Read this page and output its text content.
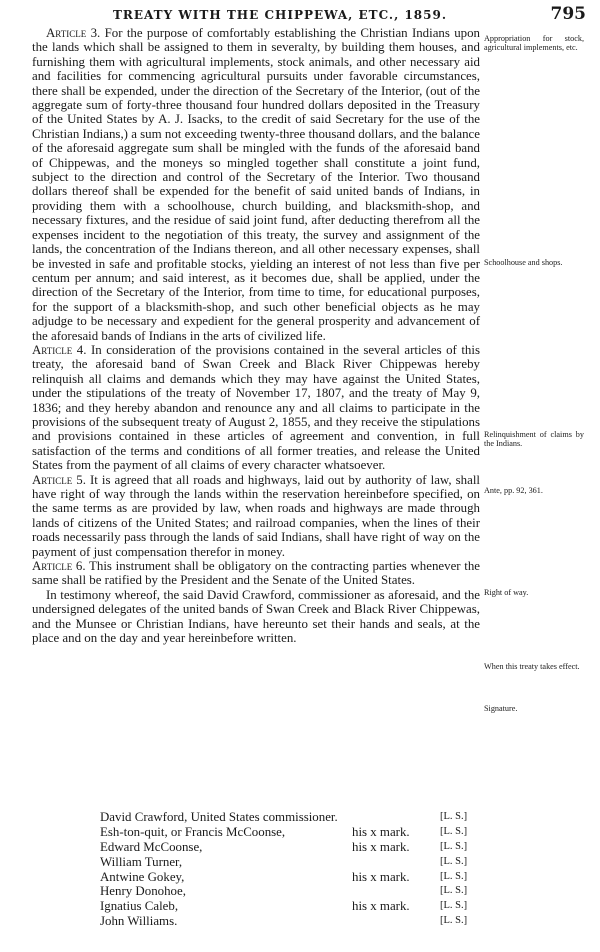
TREATY WITH THE CHIPPEWA, ETC., 1859.	795

Article 3. For the purpose of comfortably establishing the Christian Indians upon the lands which shall be assigned to them in severalty, by building them houses, and furnishing them with agricultural implements, stock animals, and other necessary aid and facilities for commencing agricultural pursuits under favorable circumstances, there shall be expended, under the direction of the Secretary of the Interior, (out of the aggregate sum of forty-three thousand four hundred dollars deposited in the Treasury of the United States by A. J. Isacks, to the credit of said Secretary for the use of the Christian Indians,) a sum not exceeding twenty-three thousand dollars, and the balance of the aforesaid aggregate sum shall be mingled with the funds of the aforesaid band of Chippewas, and the moneys so mingled together shall constitute a joint fund, subject to the direction and control of the Secretary of the Interior. Two thousand dollars thereof shall be expended for the benefit of said united bands of Indians, in providing them with a schoolhouse, church building, and blacksmith-shop, and necessary fixtures, and the residue of said joint fund, after deducting therefrom all the expenses incident to the negotiation of this treaty, the survey and assignment of the lands, the concentration of the Indians thereon, and all other necessary expenses, shall be invested in safe and profitable stocks, yielding an interest of not less than five per centum per annum; and said interest, as it becomes due, shall be applied, under the direction of the Secretary of the Interior, from time to time, for educational purposes, for the support of a blacksmith-shop, and such other beneficial objects as he may adjudge to be necessary and expedient for the general prosperity and advancement of the aforesaid bands of Indians in the arts of civilized life.

Article 4. In consideration of the provisions contained in the several articles of this treaty, the aforesaid band of Swan Creek and Black River Chippewas hereby relinquish all claims and demands which they may have against the United States, under the stipulations of the treaty of November 17, 1807, and the treaty of May 9, 1836; and they hereby abandon and renounce any and all claims to participate in the provisions of the subsequent treaty of August 2, 1855, and they receive the stipulations and provisions contained in these articles of agreement and convention, in full satisfaction of the terms and conditions of all former treaties, and release the United States from the payment of all claims of every character whatsoever.

Article 5. It is agreed that all roads and highways, laid out by authority of law, shall have right of way through the lands within the reservation hereinbefore specified, on the same terms as are provided by law, when roads and highways are made through lands of citizens of the United States; and railroad companies, when the lines of their roads necessarily pass through the lands of said Indians, shall have right of way on the payment of just compensation therefor in money.

Article 6. This instrument shall be obligatory on the contracting parties whenever the same shall be ratified by the President and the Senate of the United States.

In testimony whereof, the said David Crawford, commissioner as aforesaid, and the undersigned delegates of the united bands of Swan Creek and Black River Chippewas, and the Munsee or Christian Indians, have hereunto set their hands and seals, at the place and on the day and year hereinbefore written.

Appropriation for stock, agricultural implements, etc.
Schoolhouse and shops.
Relinquishment of claims by the Indians.
Ante, pp. 92, 361.
Right of way.
When this treaty takes effect.
Signature.
David Crawford, United States commissioner.	[L. S.]
Esh-ton-quit, or Francis McCoonse,	his x mark.	[L. S.]
Edward McCoonse,	his x mark.	[L. S.]
William Turner,	[L. S.]
Antwine Gokey,	his x mark.	[L. S.]
Henry Donohoe,	[L. S.]
Ignatius Caleb,	his x mark.	[L. S.]
John Williams.	[L. S.]
